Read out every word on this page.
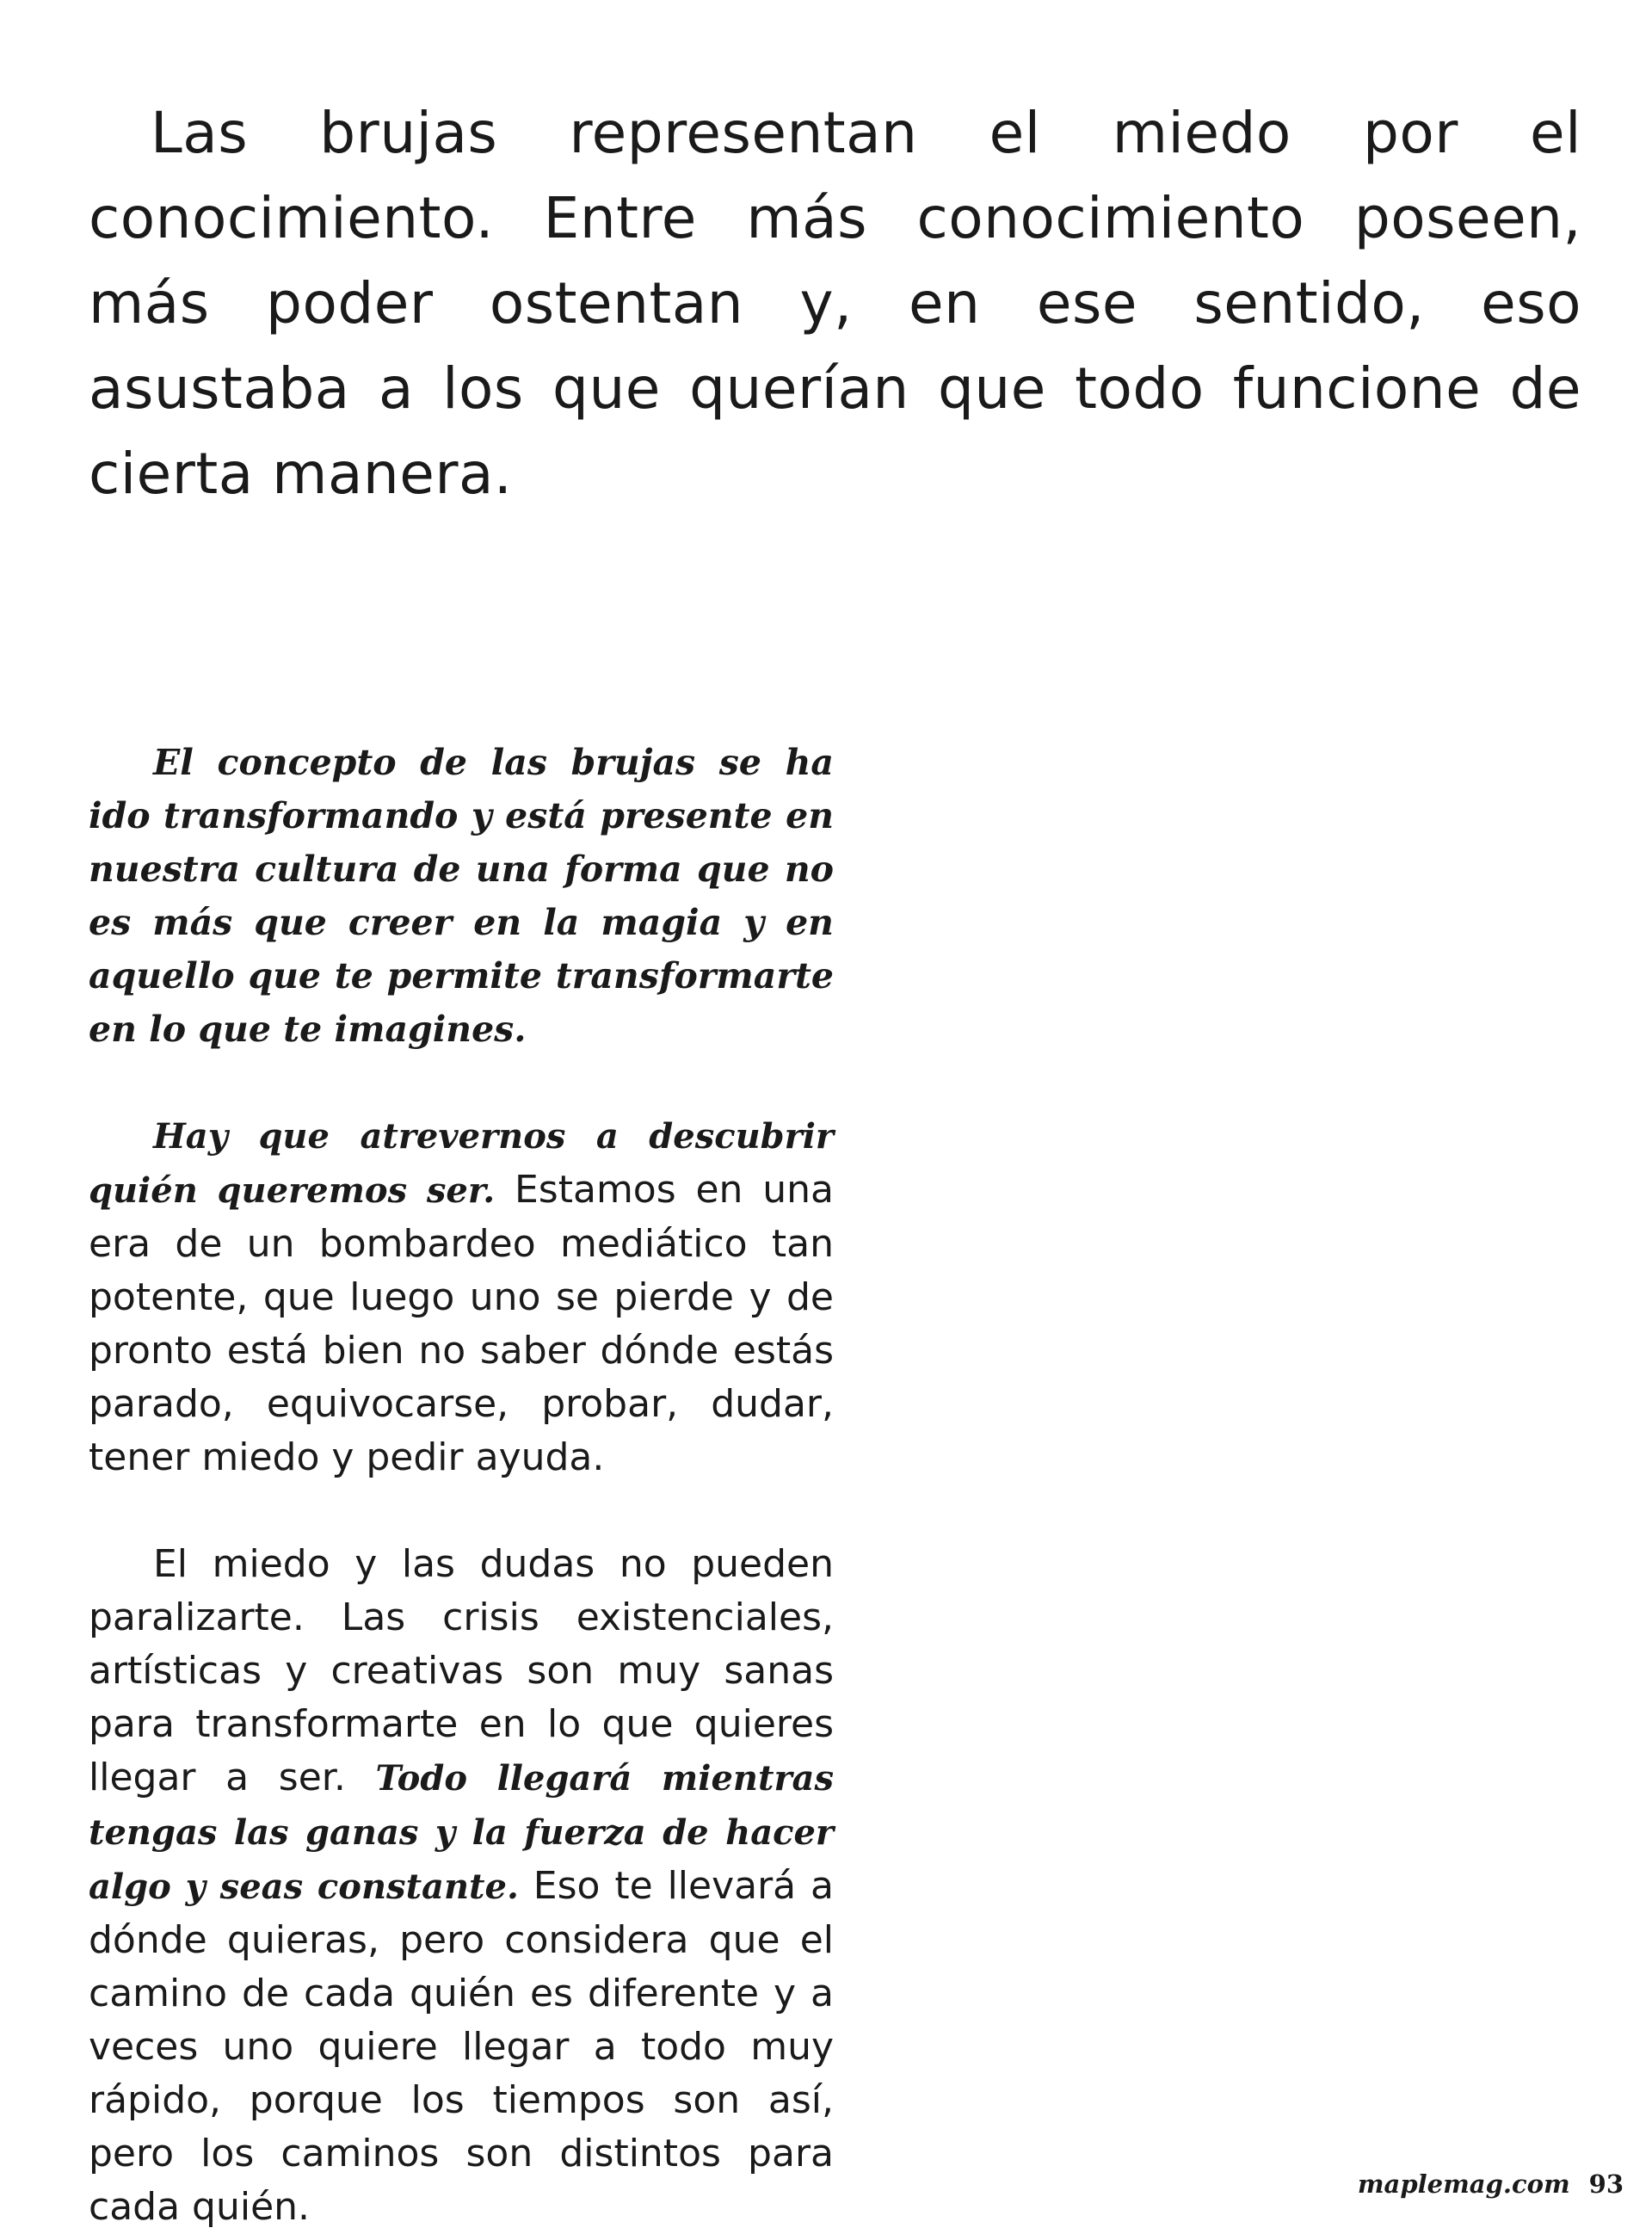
Las brujas representan el miedo por el conocimiento. Entre más conocimiento poseen, más poder ostentan y, en ese sentido, eso asustaba a los que querían que todo funcione de cierta manera.

El concepto de las brujas se ha ido transformando y está presente en nuestra cultura de una forma que no es más que creer en la magia y en aquello que te permite transformarte en lo que te imagines.

Hay que atrevernos a descubrir quién queremos ser. Estamos en una era de un bombardeo mediático tan potente, que luego uno se pierde y de pronto está bien no saber dónde estás parado, equivocarse, probar, dudar, tener miedo y pedir ayuda.

El miedo y las dudas no pueden paralizarte. Las crisis existenciales, artísticas y creativas son muy sanas para transformarte en lo que quieres llegar a ser. Todo llegará mientras tengas las ganas y la fuerza de hacer algo y seas constante. Eso te llevará a dónde quieras, pero considera que el camino de cada quién es diferente y a veces uno quiere llegar a todo muy rápido, porque los tiempos son así, pero los caminos son distintos para cada quién.

maplemag.com 93
